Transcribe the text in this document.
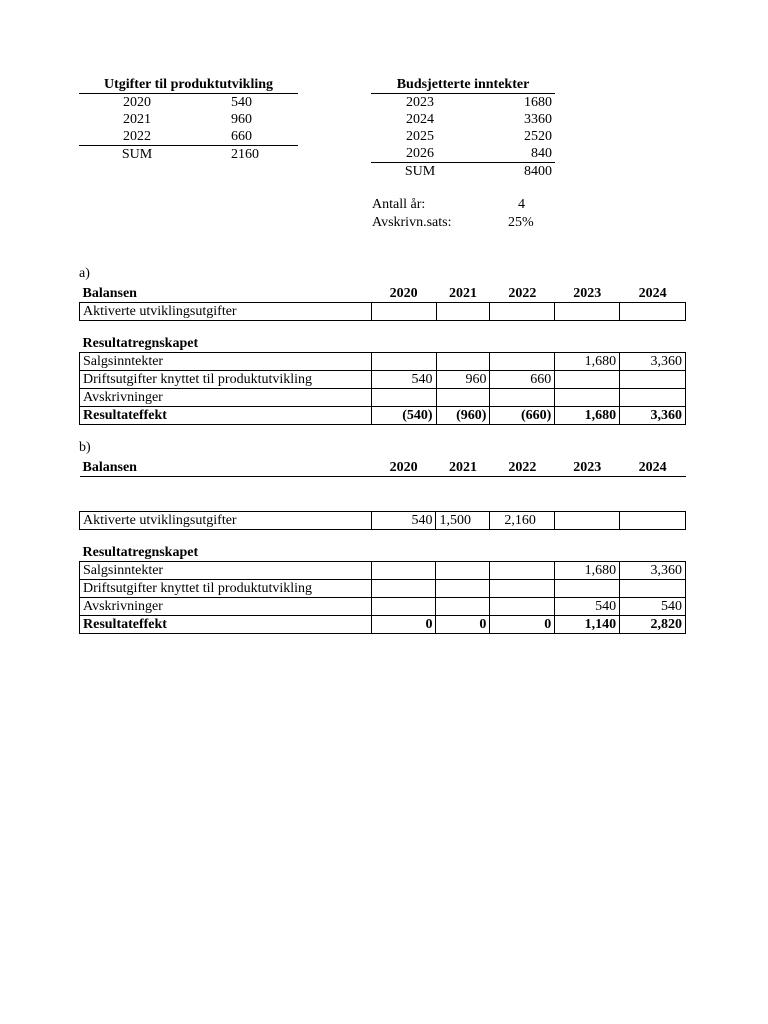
Utgifter til produktutvikling	
2020	540
2021	960
2022	660
SUM	2160
Budsjetterte inntekter	
2023	1680
2024	3360
2025	2520
2026	840
SUM	8400
Antall år:	4
Avskrivn.sats:	25%
a)
Balansen	2020	2021	2022	2023	2024
Aktiverte utviklingsutgifter					

Resultatregnskapet					
Salgsinntekter				1,680	3,360
Driftsutgifter knyttet til produktutvikling	540	960	660		
Avskrivninger					
Resultateffekt	(540)	(960)	(660)	1,680	3,360
b)
Balansen	2020	2021	2022	2023	2024

Aktiverte utviklingsutgifter	540	1,500	2,160		

Resultatregnskapet					
Salgsinntekter				1,680	3,360
Driftsutgifter knyttet til produktutvikling					
Avskrivninger				540	540
Resultateffekt	0	0	0	1,140	2,820
